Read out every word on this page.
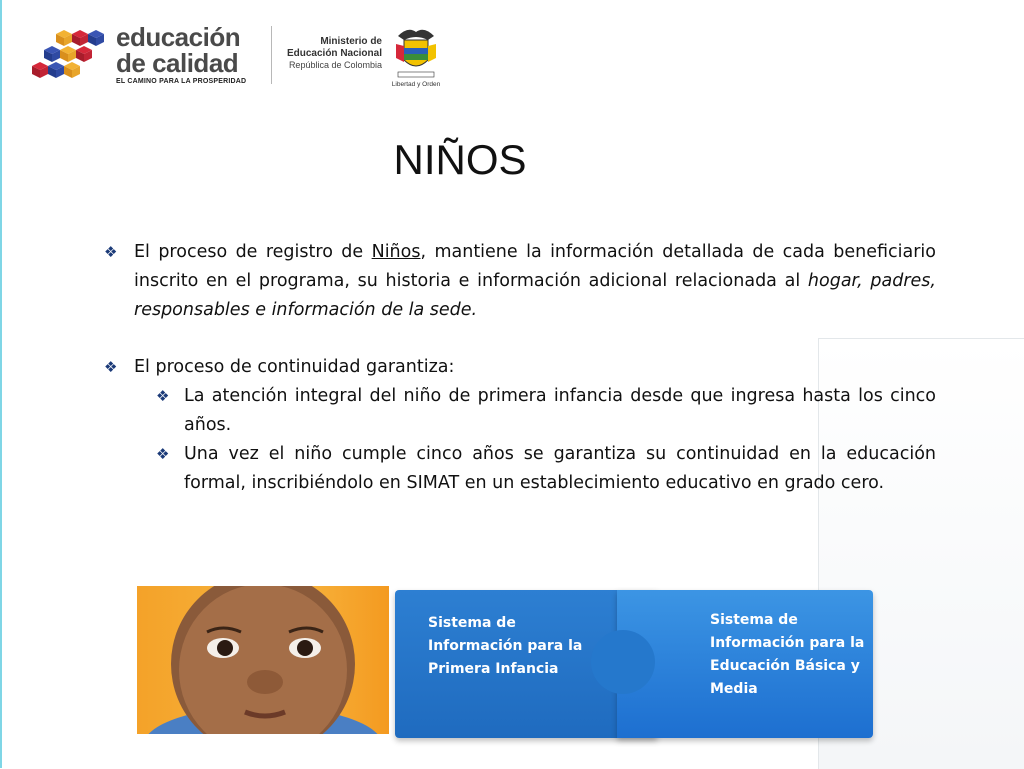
educación
de calidad
EL CAMINO PARA LA PROSPERIDAD
Ministerio de
Educación Nacional
República de Colombia
Libertad y Orden
NIÑOS
❖ El proceso de registro de Niños, mantiene la información detallada de cada beneficiario inscrito en el programa, su historia e información adicional relacionada al hogar, padres, responsables e información de la sede.
❖ El proceso de continuidad garantiza:
❖ La atención integral del niño de primera infancia desde que ingresa hasta los cinco años.
❖ Una vez el niño cumple cinco años se garantiza su continuidad en la educación formal, inscribiéndolo en SIMAT en un establecimiento educativo en grado cero.
Sistema de Información para la Primera Infancia
Sistema de Información para la Educación Básica y Media
